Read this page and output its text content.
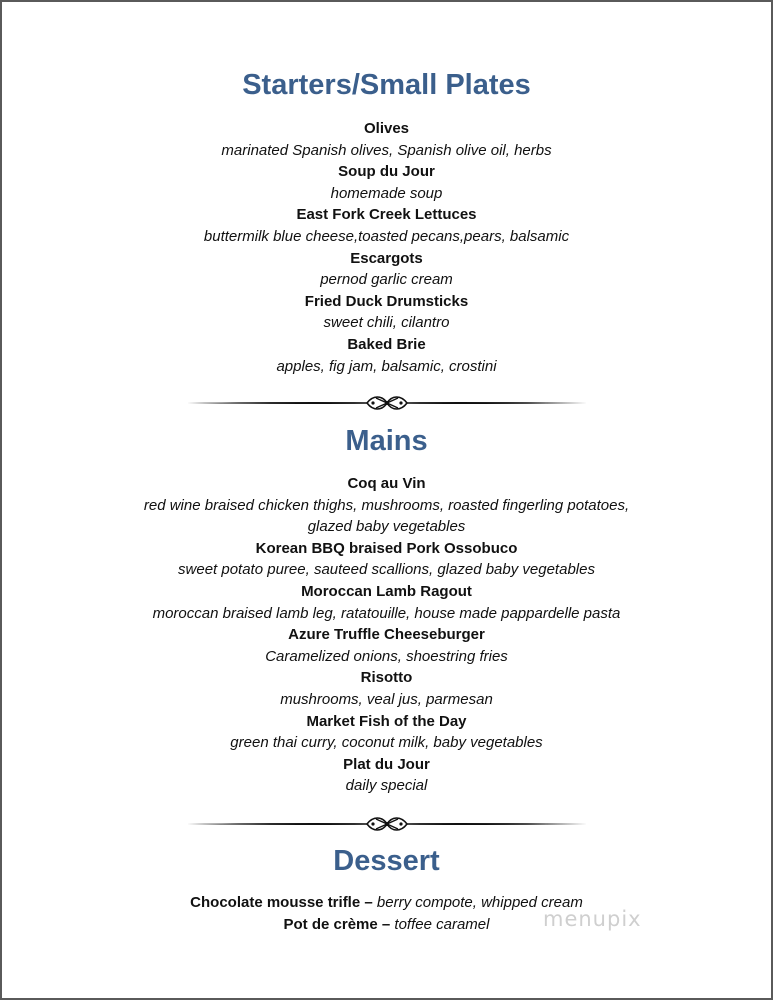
Starters/Small Plates
Olives
marinated Spanish olives, Spanish olive oil, herbs
Soup du Jour
homemade soup
East Fork Creek Lettuces
buttermilk blue cheese,toasted pecans,pears, balsamic
Escargots
pernod garlic cream
Fried Duck Drumsticks
sweet chili, cilantro
Baked Brie
apples, fig jam, balsamic, crostini
Mains
Coq au Vin
red wine braised chicken thighs, mushrooms, roasted fingerling potatoes,
glazed baby vegetables
Korean BBQ braised Pork Ossobuco
sweet potato puree, sauteed scallions, glazed baby vegetables
Moroccan Lamb Ragout
moroccan braised lamb leg, ratatouille, house made pappardelle pasta
Azure Truffle Cheeseburger
Caramelized onions, shoestring fries
Risotto
mushrooms, veal jus, parmesan
Market Fish of the Day
green thai curry, coconut milk, baby vegetables
Plat du Jour
daily special
Dessert
Chocolate mousse trifle – berry compote, whipped cream
Pot de crème – toffee caramel	menupix
